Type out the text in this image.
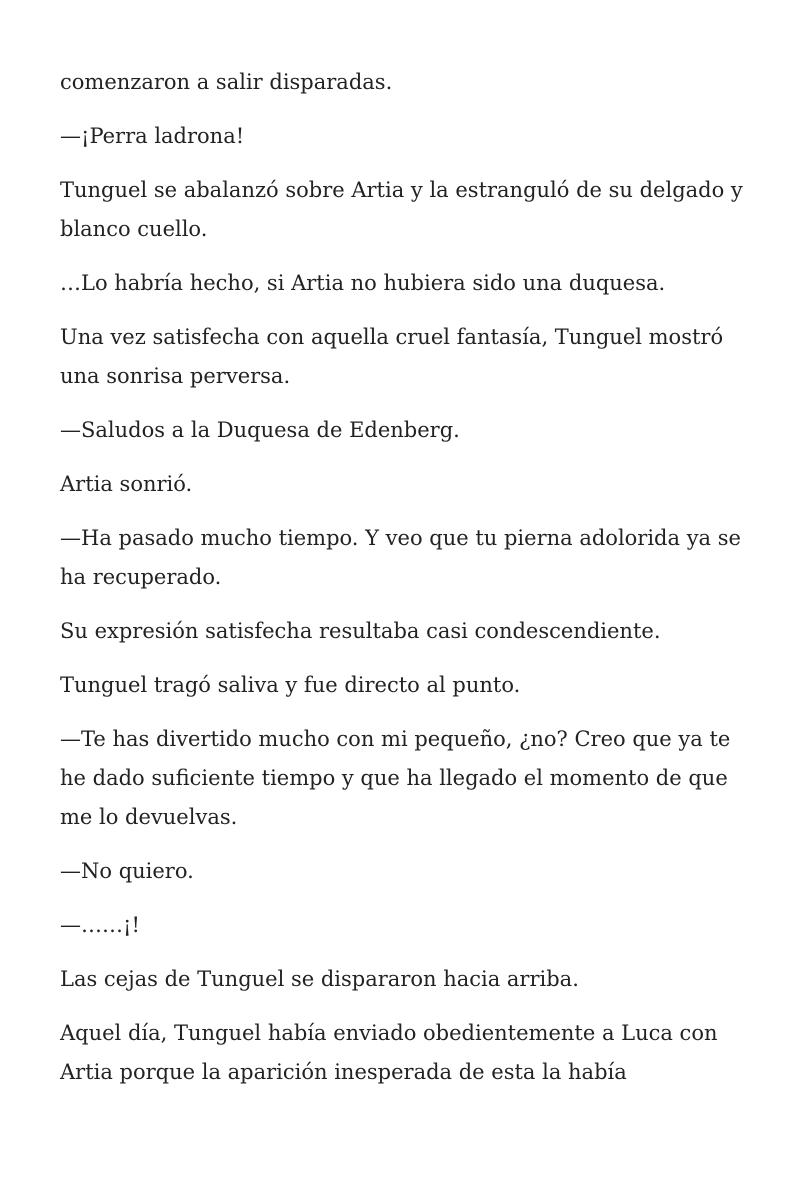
comenzaron a salir disparadas.

—¡Perra ladrona!

Tunguel se abalanzó sobre Artia y la estranguló de su delgado y blanco cuello.

…Lo habría hecho, si Artia no hubiera sido una duquesa.

Una vez satisfecha con aquella cruel fantasía, Tunguel mostró una sonrisa perversa.

—Saludos a la Duquesa de Edenberg.

Artia sonrió.

—Ha pasado mucho tiempo. Y veo que tu pierna adolorida ya se ha recuperado.

Su expresión satisfecha resultaba casi condescendiente.

Tunguel tragó saliva y fue directo al punto.

—Te has divertido mucho con mi pequeño, ¿no? Creo que ya te he dado suficiente tiempo y que ha llegado el momento de que me lo devuelvas.

—No quiero.

—……¡!

Las cejas de Tunguel se dispararon hacia arriba.

Aquel día, Tunguel había enviado obedientemente a Luca con Artia porque la aparición inesperada de esta la había
